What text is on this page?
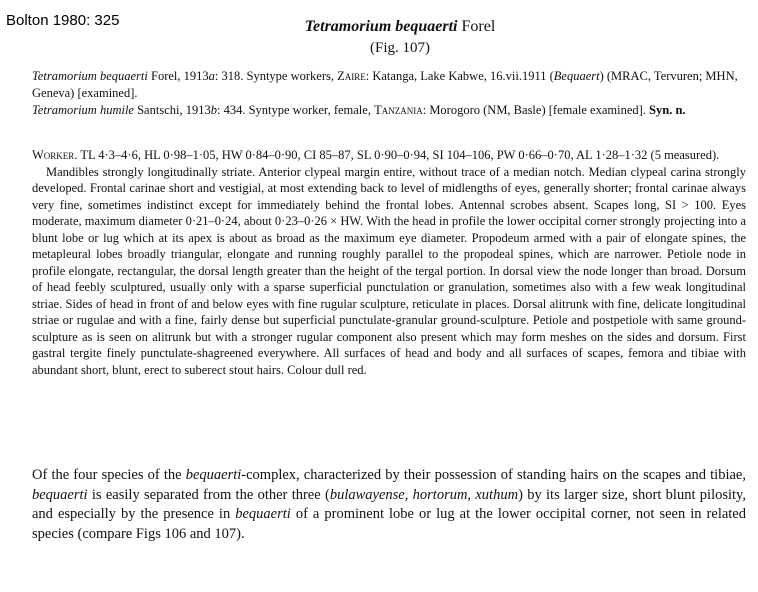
Bolton 1980: 325	Tetramorium bequaerti Forel
(Fig. 107)

Tetramorium bequaerti Forel, 1913a: 318. Syntype workers, Zaire: Katanga, Lake Kabwe, 16.vii.1911 (Bequaert) (MRAC, Tervuren; MHN, Geneva) [examined].

Tetramorium humile Santschi, 1913b: 434. Syntype worker, female, Tanzania: Morogoro (NM, Basle) [female examined]. Syn. n.

Worker. TL 4·3–4·6, HL 0·98–1·05, HW 0·84–0·90, CI 85–87, SL 0·90–0·94, SI 104–106, PW 0·66–0·70, AL 1·28–1·32 (5 measured).

Mandibles strongly longitudinally striate. Anterior clypeal margin entire, without trace of a median notch. Median clypeal carina strongly developed. Frontal carinae short and vestigial, at most extending back to level of midlengths of eyes, generally shorter; frontal carinae always very fine, sometimes indistinct except for immediately behind the frontal lobes. Antennal scrobes absent. Scapes long, SI > 100. Eyes moderate, maximum diameter 0·21–0·24, about 0·23–0·26 × HW. With the head in profile the lower occipital corner strongly projecting into a blunt lobe or lug which at its apex is about as broad as the maximum eye diameter. Propodeum armed with a pair of elongate spines, the metapleural lobes broadly triangular, elongate and running roughly parallel to the propodeal spines, which are narrower. Petiole node in profile elongate, rectangular, the dorsal length greater than the height of the tergal portion. In dorsal view the node longer than broad. Dorsum of head feebly sculptured, usually only with a sparse superficial punctulation or granulation, sometimes also with a few weak longitudinal striae. Sides of head in front of and below eyes with fine rugular sculpture, reticulate in places. Dorsal alitrunk with fine, delicate longitudinal striae or rugulae and with a fine, fairly dense but superficial punctulate-granular ground-sculpture. Petiole and postpetiole with same ground-sculpture as is seen on alitrunk but with a stronger rugular component also present which may form meshes on the sides and dorsum. First gastral tergite finely punctulate-shagreened everywhere. All surfaces of head and body and all surfaces of scapes, femora and tibiae with abundant short, blunt, erect to suberect stout hairs. Colour dull red.

Of the four species of the bequaerti-complex, characterized by their possession of standing hairs on the scapes and tibiae, bequaerti is easily separated from the other three (bulawayense, hortorum, xuthum) by its larger size, short blunt pilosity, and especially by the presence in bequaerti of a prominent lobe or lug at the lower occipital corner, not seen in related species (compare Figs 106 and 107).
